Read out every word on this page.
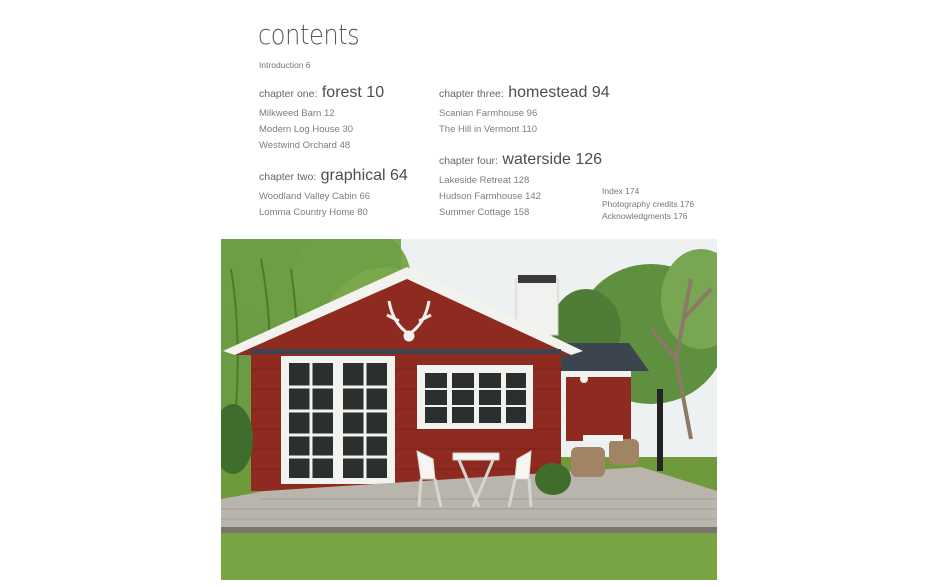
contents
Introduction 6
chapter one: forest 10
Milkweed Barn 12
Modern Log House 30
Westwind Orchard 48
chapter two: graphical 64
Woodland Valley Cabin 66
Lomma Country Home 80
chapter three: homestead 94
Scanian Farmhouse 96
The Hill in Vermont 110
chapter four: waterside 126
Lakeside Retreat 128
Hudson Farmhouse 142
Summer Cottage 158
Index 174
Photography credits 176
Acknowledgments 176
